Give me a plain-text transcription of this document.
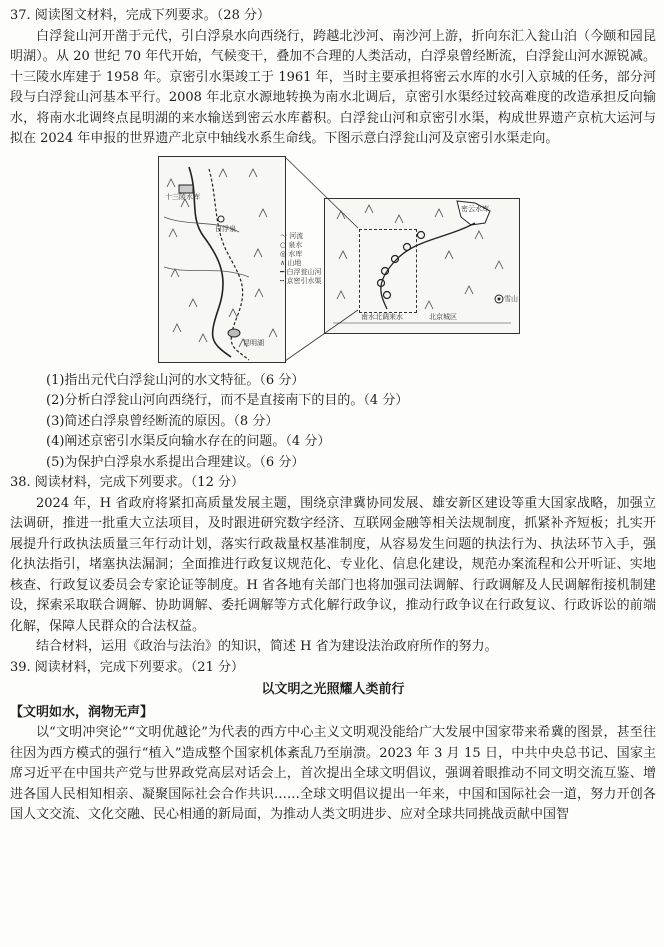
37. 阅读图文材料，完成下列要求。（28 分）

白浮瓮山河开凿于元代，引白浮泉水向西绕行，跨越北沙河、南沙河上游，折向东汇入瓮山泊（今颐和园昆明湖）。从 20 世纪 70 年代开始，气候变干，叠加不合理的人类活动，白浮泉曾经断流，白浮瓮山河水源锐减。十三陵水库建于 1958 年。京密引水渠竣工于 1961 年，当时主要承担将密云水库的水引入京城的任务，部分河段与白浮瓮山河基本平行。2008 年北京水源地转换为南水北调后，京密引水渠经过较高难度的改造承担反向输水，将南水北调终点昆明湖的来水输送到密云水库蓄积。白浮瓮山河和京密引水渠，构成世界遗产京杭大运河与拟在 2024 年申报的世界遗产北京中轴线水系生命线。下图示意白浮瓮山河及京密引水渠走向。

十三陵水库
白浮泉
昆明湖
～ 河流
○ 泉水
◎ 水库
∧ 山地
━ 白浮瓮山河
┅ 京密引水渠
密云水库
雪山
南水北调来水	北京城区

(1)指出元代白浮瓮山河的水文特征。（6 分）

(2)分析白浮瓮山河向西绕行，而不是直接南下的目的。（4 分）

(3)简述白浮泉曾经断流的原因。（8 分）

(4)阐述京密引水渠反向输水存在的问题。（4 分）

(5)为保护白浮泉水系提出合理建议。（6 分）

38. 阅读材料，完成下列要求。（12 分）

2024 年，H 省政府将紧扣高质量发展主题，围绕京津冀协同发展、雄安新区建设等重大国家战略，加强立法调研，推进一批重大立法项目，及时跟进研究数字经济、互联网金融等相关法规制度，抓紧补齐短板；扎实开展提升行政执法质量三年行动计划，落实行政裁量权基准制度，从容易发生问题的执法行为、执法环节入手，强化执法指引，堵塞执法漏洞；全面推进行政复议规范化、专业化、信息化建设，规范办案流程和公开听证、实地核查、行政复议委员会专家论证等制度。H 省各地有关部门也将加强司法调解、行政调解及人民调解衔接机制建设，探索采取联合调解、协助调解、委托调解等方式化解行政争议，推动行政争议在行政复议、行政诉讼的前端化解，保障人民群众的合法权益。

结合材料，运用《政治与法治》的知识，简述 H 省为建设法治政府所作的努力。

39. 阅读材料，完成下列要求。（21 分）

以文明之光照耀人类前行

【文明如水，润物无声】

以“文明冲突论”“文明优越论”为代表的西方中心主义文明观没能给广大发展中国家带来希冀的图景，甚至往往因为西方模式的强行“植入”造成整个国家机体紊乱乃至崩溃。2023 年 3 月 15 日，中共中央总书记、国家主席习近平在中国共产党与世界政党高层对话会上，首次提出全球文明倡议，强调着眼推动不同文明交流互鉴、增进各国人民相知相亲、凝聚国际社会合作共识……全球文明倡议提出一年来，中国和国际社会一道，努力开创各国人文交流、文化交融、民心相通的新局面，为推动人类文明进步、应对全球共同挑战贡献中国智
